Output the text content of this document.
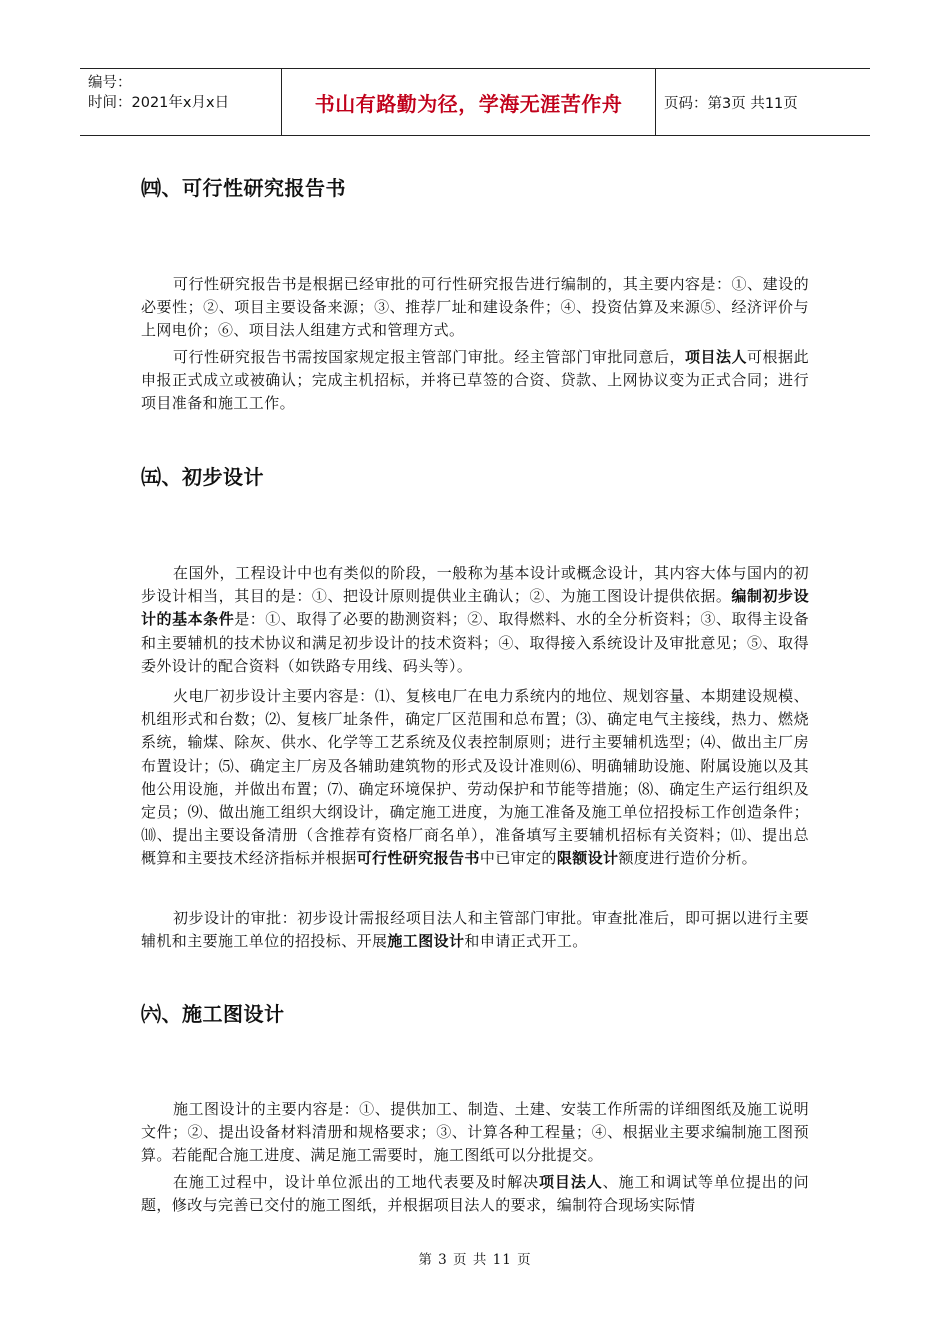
编号：
时间：2021年x月x日	书山有路勤为径，学海无涯苦作舟	页码：第3页 共11页
㈣、可行性研究报告书

可行性研究报告书是根据已经审批的可行性研究报告进行编制的，其主要内容是：①、建设的必要性；②、项目主要设备来源；③、推荐厂址和建设条件；④、投资估算及来源⑤、经济评价与上网电价；⑥、项目法人组建方式和管理方式。

可行性研究报告书需按国家规定报主管部门审批。经主管部门审批同意后，项目法人可根据此申报正式成立或被确认；完成主机招标，并将已草签的合资、贷款、上网协议变为正式合同；进行项目准备和施工工作。

㈤、初步设计

在国外，工程设计中也有类似的阶段，一般称为基本设计或概念设计，其内容大体与国内的初步设计相当，其目的是：①、把设计原则提供业主确认；②、为施工图设计提供依据。编制初步设计的基本条件是：①、取得了必要的勘测资料；②、取得燃料、水的全分析资料；③、取得主设备和主要辅机的技术协议和满足初步设计的技术资料；④、取得接入系统设计及审批意见；⑤、取得委外设计的配合资料（如铁路专用线、码头等）。

火电厂初步设计主要内容是：⑴、复核电厂在电力系统内的地位、规划容量、本期建设规模、机组形式和台数；⑵、复核厂址条件，确定厂区范围和总布置；⑶、确定电气主接线，热力、燃烧系统，输煤、除灰、供水、化学等工艺系统及仪表控制原则；进行主要辅机选型；⑷、做出主厂房布置设计；⑸、确定主厂房及各辅助建筑物的形式及设计准则⑹、明确辅助设施、附属设施以及其他公用设施，并做出布置；⑺、确定环境保护、劳动保护和节能等措施；⑻、确定生产运行组织及定员；⑼、做出施工组织大纲设计，确定施工进度，为施工准备及施工单位招投标工作创造条件；⑽、提出主要设备清册（含推荐有资格厂商名单），准备填写主要辅机招标有关资料；⑾、提出总概算和主要技术经济指标并根据可行性研究报告书中已审定的限额设计额度进行造价分析。

初步设计的审批：初步设计需报经项目法人和主管部门审批。审查批准后，即可据以进行主要辅机和主要施工单位的招投标、开展施工图设计和申请正式开工。

㈥、施工图设计

施工图设计的主要内容是：①、提供加工、制造、土建、安装工作所需的详细图纸及施工说明文件；②、提出设备材料清册和规格要求；③、计算各种工程量；④、根据业主要求编制施工图预算。若能配合施工进度、满足施工需要时，施工图纸可以分批提交。

在施工过程中，设计单位派出的工地代表要及时解决项目法人、施工和调试等单位提出的问题，修改与完善已交付的施工图纸，并根据项目法人的要求，编制符合现场实际情

第 3 页 共 11 页
